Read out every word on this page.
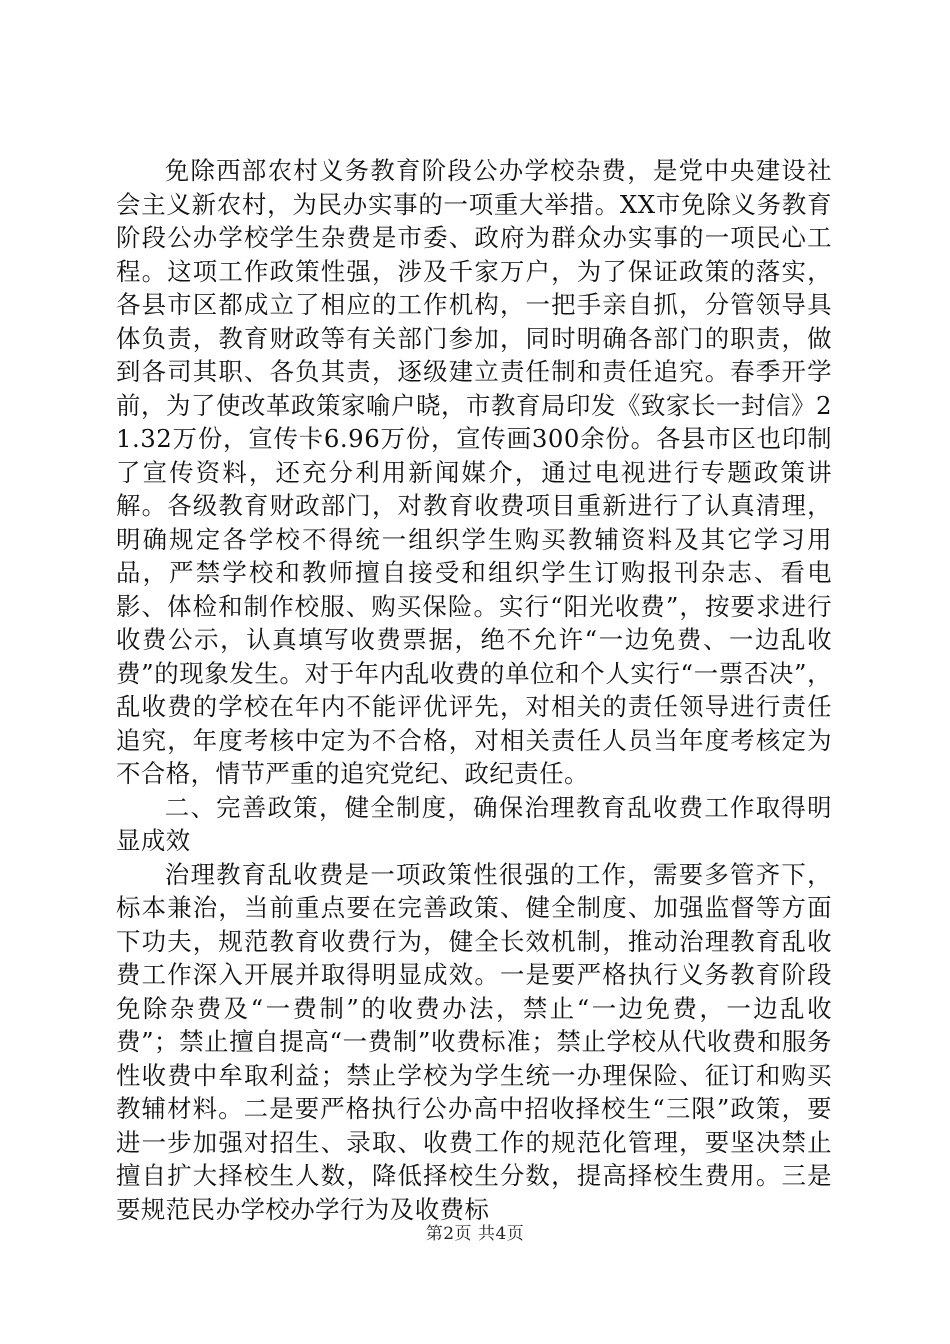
免除西部农村义务教育阶段公办学校杂费，是党中央建设社会主义新农村，为民办实事的一项重大举措。XX市免除义务教育阶段公办学校学生杂费是市委、政府为群众办实事的一项民心工程。这项工作政策性强，涉及千家万户，为了保证政策的落实，各县市区都成立了相应的工作机构，一把手亲自抓，分管领导具体负责，教育财政等有关部门参加，同时明确各部门的职责，做到各司其职、各负其责，逐级建立责任制和责任追究。春季开学前，为了使改革政策家喻户晓，市教育局印发《致家长一封信》21.32万份，宣传卡6.96万份，宣传画300余份。各县市区也印制了宣传资料，还充分利用新闻媒介，通过电视进行专题政策讲解。各级教育财政部门，对教育收费项目重新进行了认真清理，明确规定各学校不得统一组织学生购买教辅资料及其它学习用品，严禁学校和教师擅自接受和组织学生订购报刊杂志、看电影、体检和制作校服、购买保险。实行“阳光收费”，按要求进行收费公示，认真填写收费票据，绝不允许“一边免费、一边乱收费”的现象发生。对于年内乱收费的单位和个人实行“一票否决”，乱收费的学校在年内不能评优评先，对相关的责任领导进行责任追究，年度考核中定为不合格，对相关责任人员当年度考核定为不合格，情节严重的追究党纪、政纪责任。

二、完善政策，健全制度，确保治理教育乱收费工作取得明显成效

治理教育乱收费是一项政策性很强的工作，需要多管齐下，标本兼治，当前重点要在完善政策、健全制度、加强监督等方面下功夫，规范教育收费行为，健全长效机制，推动治理教育乱收费工作深入开展并取得明显成效。一是要严格执行义务教育阶段免除杂费及“一费制”的收费办法，禁止“一边免费，一边乱收费”；禁止擅自提高“一费制”收费标准；禁止学校从代收费和服务性收费中牟取利益；禁止学校为学生统一办理保险、征订和购买教辅材料。二是要严格执行公办高中招收择校生“三限”政策，要进一步加强对招生、录取、收费工作的规范化管理，要坚决禁止擅自扩大择校生人数，降低择校生分数，提高择校生费用。三是要规范民办学校办学行为及收费标

第2页 共4页
